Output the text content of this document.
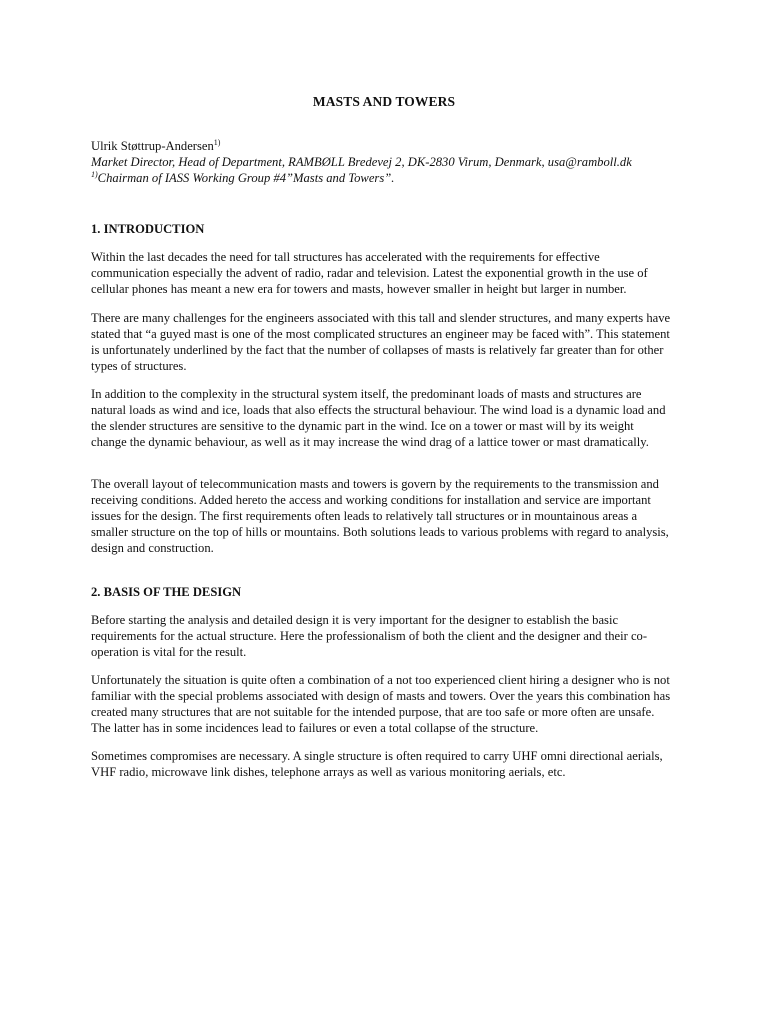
MASTS AND TOWERS
Ulrik Støttrup-Andersen$^{1)}$
Market Director, Head of Department, RAMBØLL Bredevej 2, DK-2830 Virum, Denmark, usa@ramboll.dk
$^{1)}$Chairman of IASS Working Group #4”Masts and Towers”.
1. INTRODUCTION

Within the last decades the need for tall structures has accelerated with the requirements for effective communication especially the advent of radio, radar and television. Latest the exponential growth in the use of cellular phones has meant a new era for towers and masts, however smaller in height but larger in number.

There are many challenges for the engineers associated with this tall and slender structures, and many experts have stated that “a guyed mast is one of the most complicated structures an engineer may be faced with”. This statement is unfortunately underlined by the fact that the number of collapses of masts is relatively far greater than for other types of structures.

In addition to the complexity in the structural system itself, the predominant loads of masts and structures are natural loads as wind and ice, loads that also effects the structural behaviour. The wind load is a dynamic load and the slender structures are sensitive to the dynamic part in the wind. Ice on a tower or mast will by its weight change the dynamic behaviour, as well as it may increase the wind drag of a lattice tower or mast dramatically.

The overall layout of telecommunication masts and towers is govern by the requirements to the transmission and receiving conditions. Added hereto the access and working conditions for installation and service are important issues for the design. The first requirements often leads to relatively tall structures or in mountainous areas a smaller structure on the top of hills or mountains. Both solutions leads to various problems with regard to analysis, design and construction.

2. BASIS OF THE DESIGN

Before starting the analysis and detailed design it is very important for the designer to establish the basic requirements for the actual structure. Here the professionalism of both the client and the designer and their co-operation is vital for the result.

Unfortunately the situation is quite often a combination of a not too experienced client hiring a designer who is not familiar with the special problems associated with design of masts and towers. Over the years this combination has created many structures that are not suitable for the intended purpose, that are too safe or more often are unsafe. The latter has in some incidences lead to failures or even a total collapse of the structure.

Sometimes compromises are necessary. A single structure is often required to carry UHF omni directional aerials, VHF radio, microwave link dishes, telephone arrays as well as various monitoring aerials, etc.
